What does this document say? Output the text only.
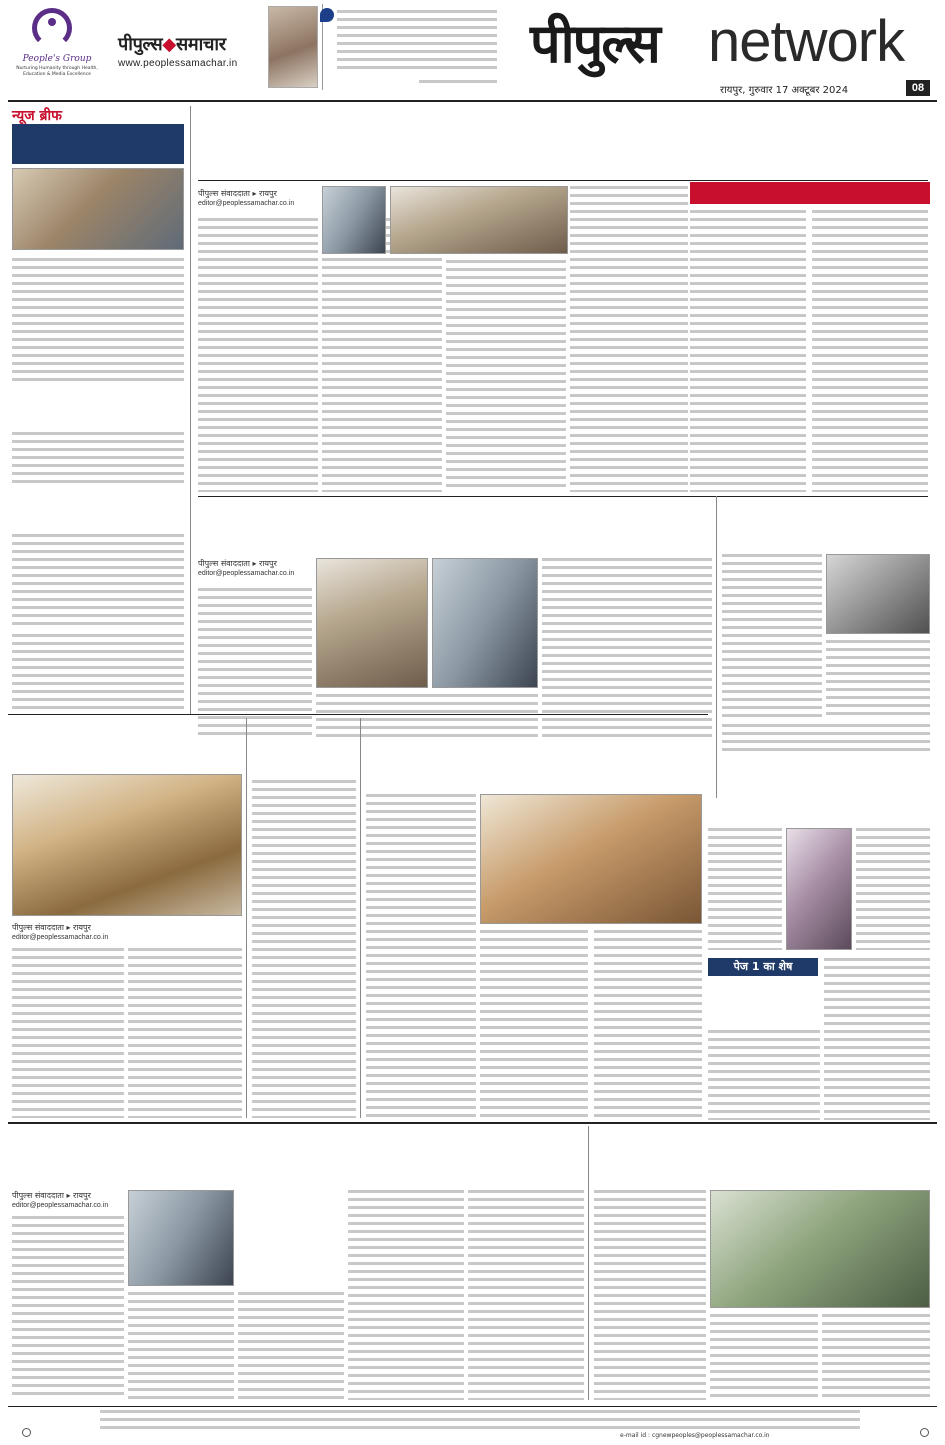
People's Group
Nurturing Humanity through Health, Education & Media Excellence
पीपुल्स◆समाचार
www.peoplessamachar.in	पीपुल्स network
रायपुर, गुरुवार 17 अक्टूबर 2024	08
न्यूज ब्रीफ
पीपुल्स संवाददाता ▸ रायपुर
editor@peoplessamachar.co.in
पीपुल्स संवाददाता ▸ रायपुर
editor@peoplessamachar.co.in
पेज 1 का शेष
पीपुल्स संवाददाता ▸ रायपुर
editor@peoplessamachar.co.in
पीपुल्स संवाददाता ▸ रायपुर
editor@peoplessamachar.co.in
e-mail id : cgnewpeoples@peoplessamachar.co.in
